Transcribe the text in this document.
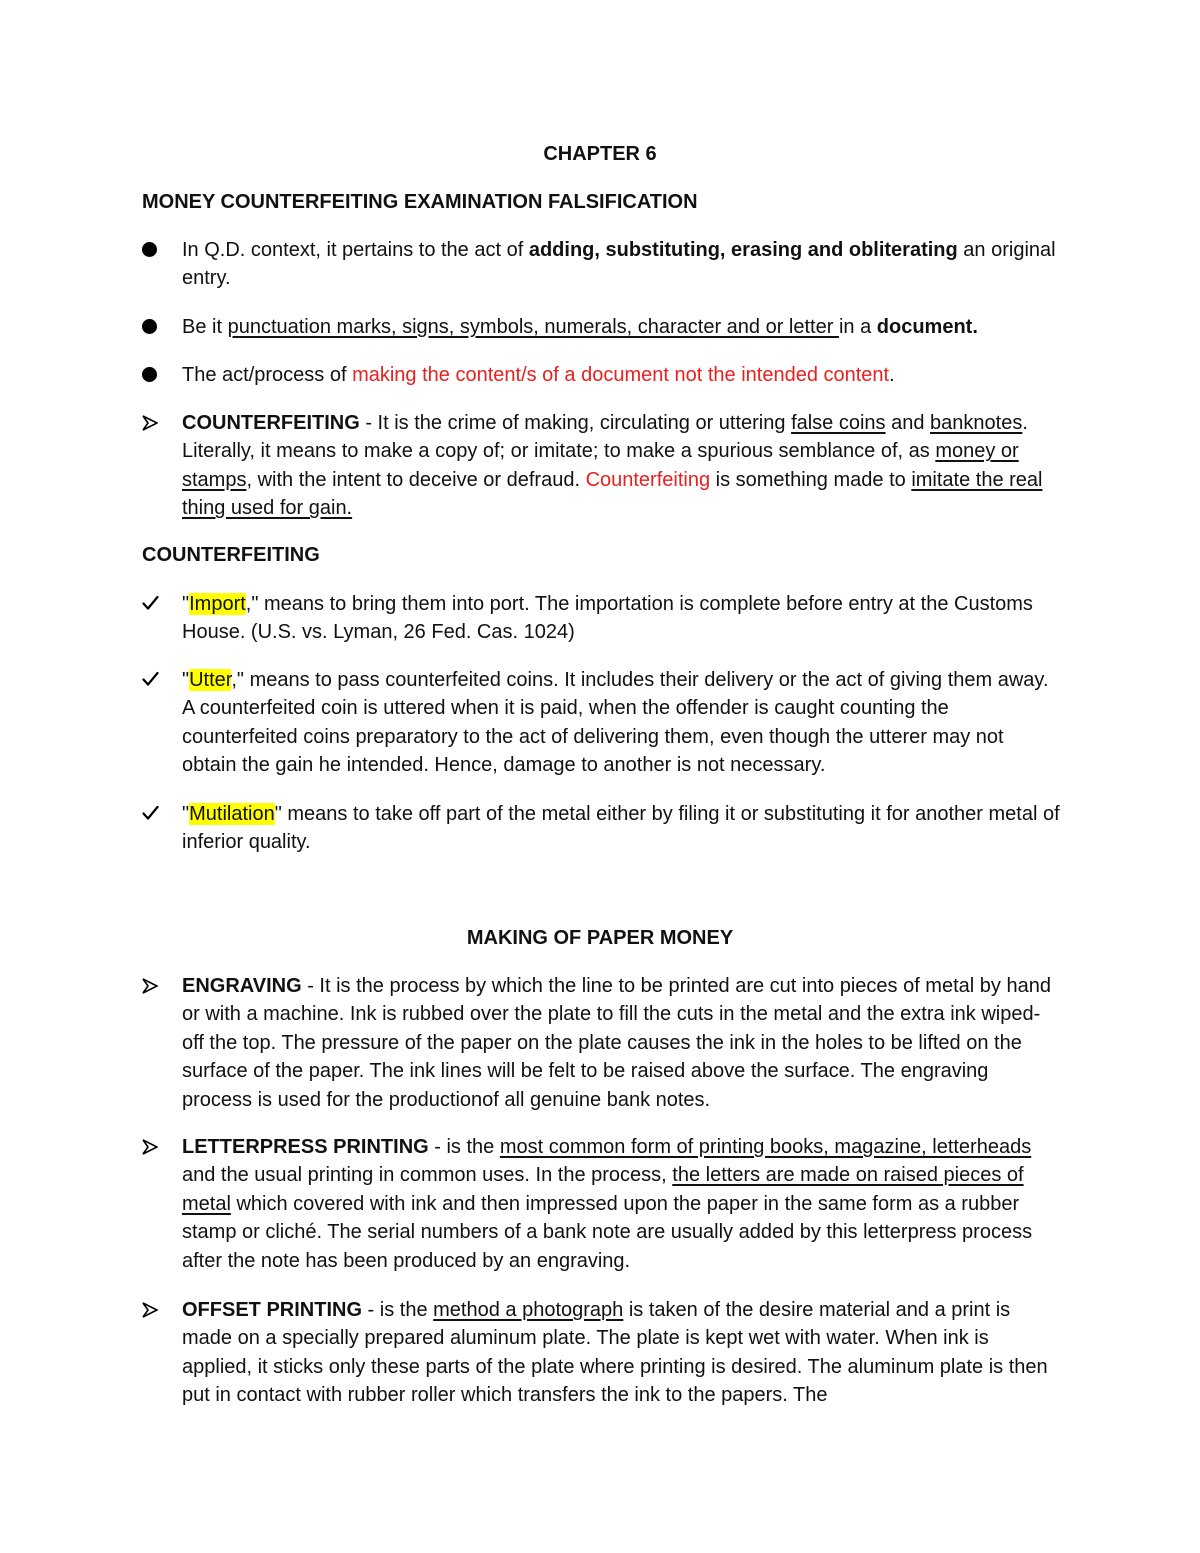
CHAPTER 6
MONEY COUNTERFEITING EXAMINATION FALSIFICATION
In Q.D. context, it pertains to the act of adding, substituting, erasing and obliterating an original entry.
Be it punctuation marks, signs, symbols, numerals, character and or letter in a document.
The act/process of making the content/s of a document not the intended content.
COUNTERFEITING - It is the crime of making, circulating or uttering false coins and banknotes. Literally, it means to make a copy of; or imitate; to make a spurious semblance of, as money or stamps, with the intent to deceive or defraud. Counterfeiting is something made to imitate the real thing used for gain.
COUNTERFEITING
"Import," means to bring them into port. The importation is complete before entry at the Customs House. (U.S. vs. Lyman, 26 Fed. Cas. 1024)
"Utter," means to pass counterfeited coins. It includes their delivery or the act of giving them away. A counterfeited coin is uttered when it is paid, when the offender is caught counting the counterfeited coins preparatory to the act of delivering them, even though the utterer may not obtain the gain he intended. Hence, damage to another is not necessary.
"Mutilation" means to take off part of the metal either by filing it or substituting it for another metal of inferior quality.
MAKING OF PAPER MONEY
ENGRAVING - It is the process by which the line to be printed are cut into pieces of metal by hand or with a machine. Ink is rubbed over the plate to fill the cuts in the metal and the extra ink wiped-off the top. The pressure of the paper on the plate causes the ink in the holes to be lifted on the surface of the paper. The ink lines will be felt to be raised above the surface. The engraving process is used for the productionof all genuine bank notes.
LETTERPRESS PRINTING - is the most common form of printing books, magazine, letterheads and the usual printing in common uses. In the process, the letters are made on raised pieces of metal which covered with ink and then impressed upon the paper in the same form as a rubber stamp or cliché. The serial numbers of a bank note are usually added by this letterpress process after the note has been produced by an engraving.
OFFSET PRINTING - is the method a photograph is taken of the desire material and a print is made on a specially prepared aluminum plate. The plate is kept wet with water. When ink is applied, it sticks only these parts of the plate where printing is desired. The aluminum plate is then put in contact with rubber roller which transfers the ink to the papers. The
